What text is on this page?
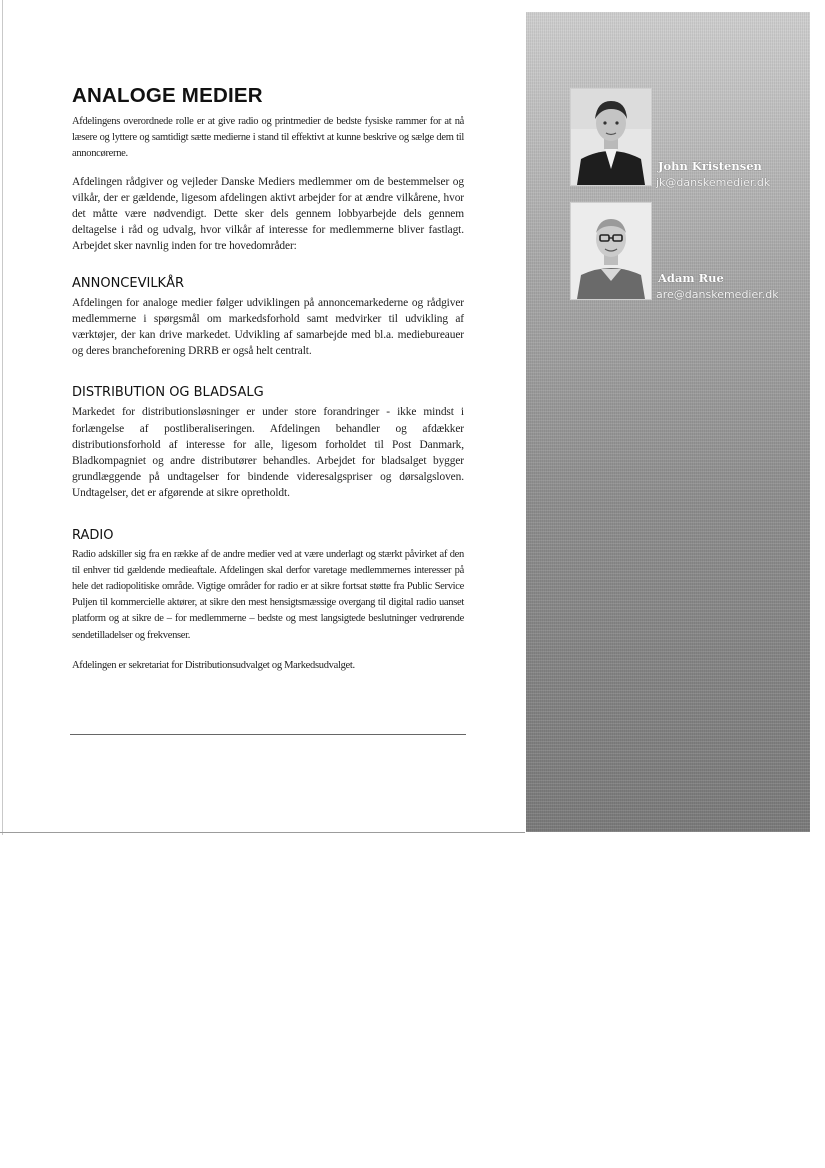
ANALOGE MEDIER

Afdelingens overordnede rolle er at give radio og printmedier de bedste fysiske rammer for at nå læsere og lyttere og samtidigt sætte medierne i stand til effektivt at kunne beskrive og sælge dem til annoncørerne.

Afdelingen rådgiver og vejleder Danske Mediers medlemmer om de bestemmelser og vilkår, der er gældende, ligesom afdelingen aktivt arbejder for at ændre vilkårene, hvor det måtte være nødvendigt. Dette sker dels gennem lobbyarbejde dels gennem deltagelse i råd og udvalg, hvor vilkår af interesse for medlemmerne bliver fastlagt. Arbejdet sker navnlig inden for tre hovedområder:

ANNONCEVILKÅR

Afdelingen for analoge medier følger udviklingen på annoncemarkederne og rådgiver medlemmerne i spørgsmål om markedsforhold samt medvirker til udvikling af værktøjer, der kan drive markedet. Udvikling af samarbejde med bl.a. mediebureauer og deres brancheforening DRRB er også helt centralt.

DISTRIBUTION OG BLADSALG

Markedet for distributionsløsninger er under store forandringer - ikke mindst i forlængelse af postliberaliseringen. Afdelingen behandler og afdækker distributionsforhold af interesse for alle, ligesom forholdet til Post Danmark, Bladkompagniet og andre distributører behandles. Arbejdet for bladsalget bygger grundlæggende på undtagelser for bindende videresalgspriser og dørsalgsloven. Undtagelser, det er afgørende at sikre opretholdt.

RADIO

Radio adskiller sig fra en række af de andre medier ved at være underlagt og stærkt påvirket af den til enhver tid gældende medieaftale. Afdelingen skal derfor varetage medlemmernes interesser på hele det radiopolitiske område. Vigtige områder for radio er at sikre fortsat støtte fra Public Service Puljen til kommercielle aktører, at sikre den mest hensigtsmæssige overgang til digital radio uanset platform og at sikre de – for medlemmerne – bedste og mest langsigtede beslutninger vedrørende sendetilladelser og frekvenser.

Afdelingen er sekretariat for Distributionsudvalget og Markedsudvalget.

John Kristensen
jk@danskemedier.dk
Adam Rue
are@danskemedier.dk
